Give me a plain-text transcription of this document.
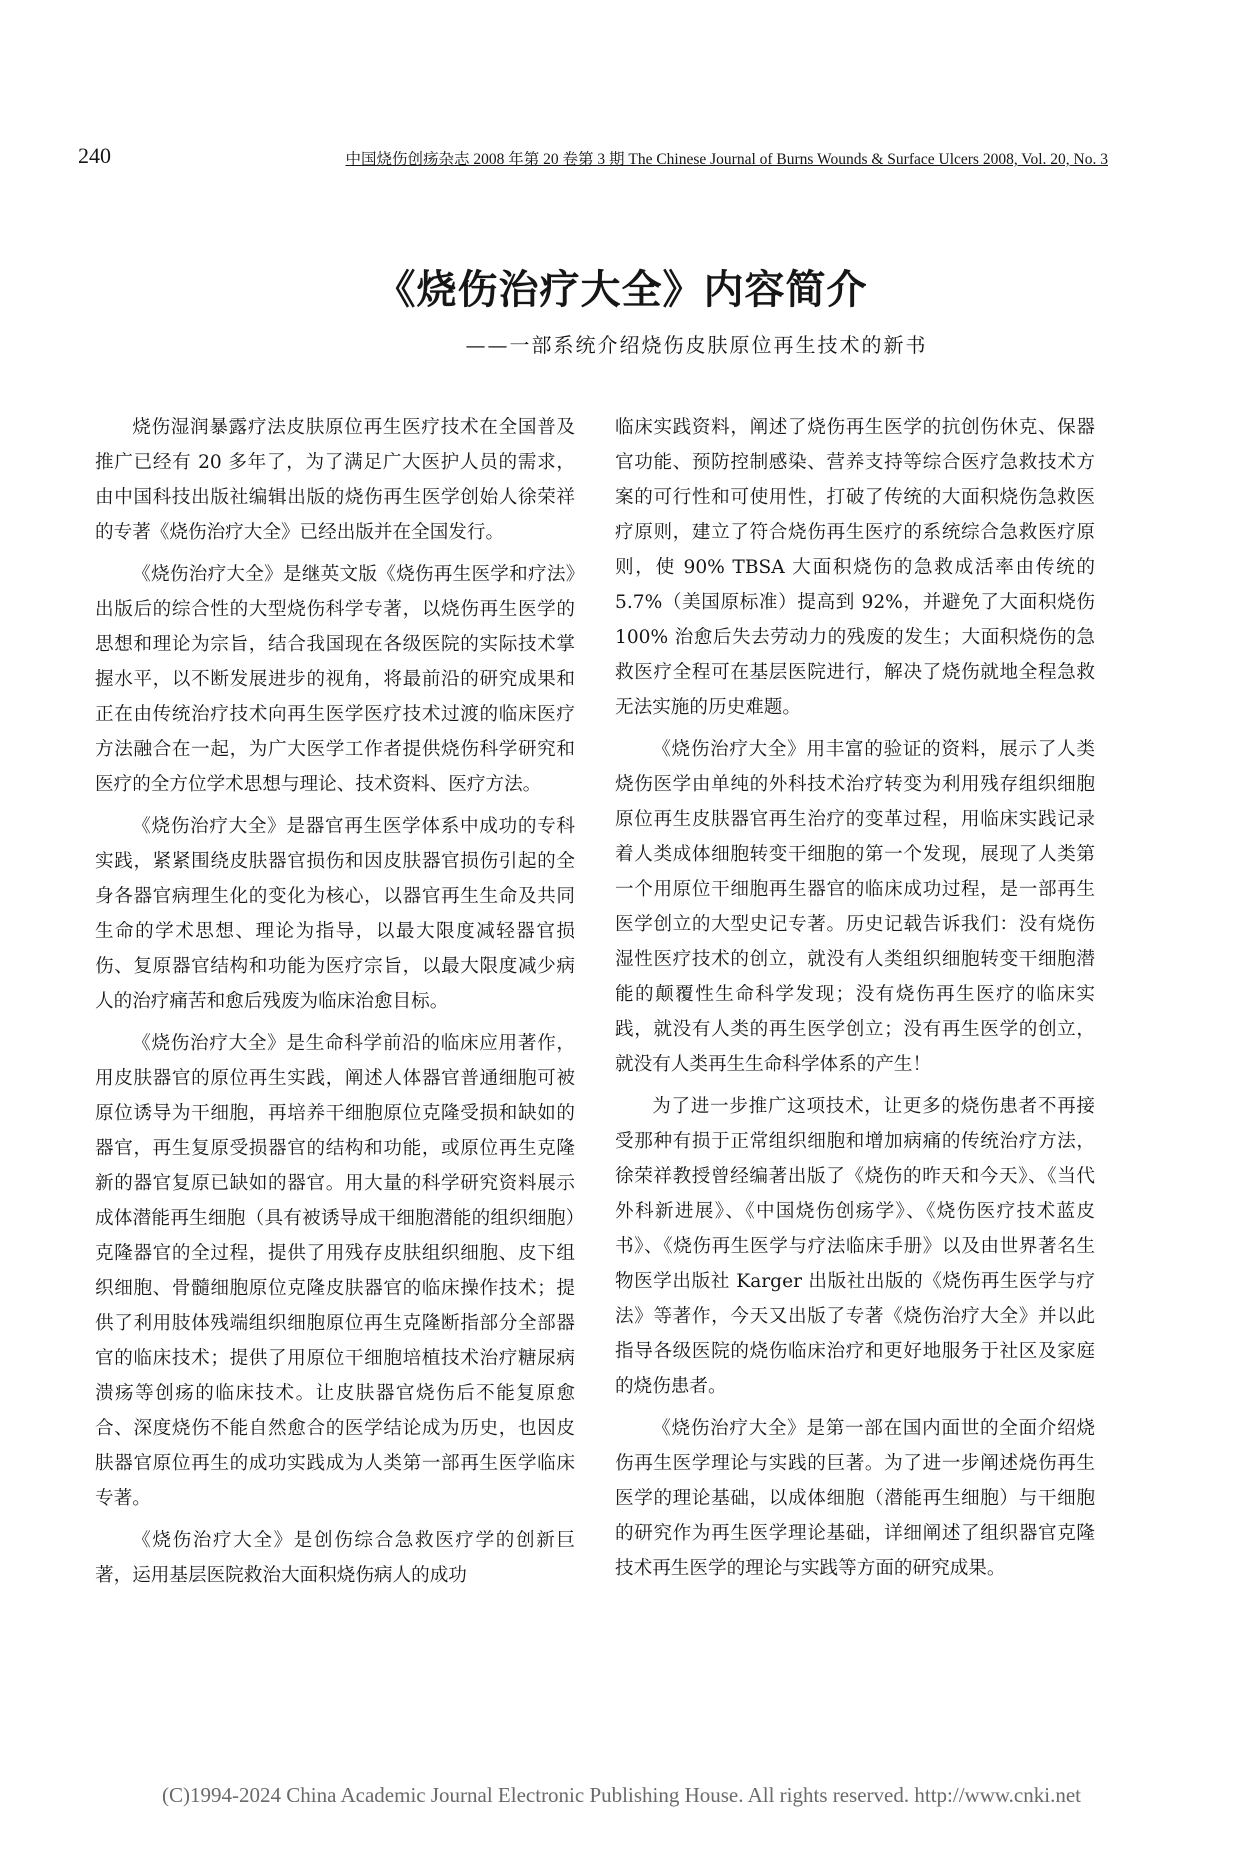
240	中国烧伤创疡杂志 2008 年第 20 卷第 3 期 The Chinese Journal of Burns Wounds & Surface Ulcers 2008, Vol. 20, No. 3
《烧伤治疗大全》内容简介
——一部系统介绍烧伤皮肤原位再生技术的新书

烧伤湿润暴露疗法皮肤原位再生医疗技术在全国普及推广已经有 20 多年了，为了满足广大医护人员的需求，由中国科技出版社编辑出版的烧伤再生医学创始人徐荣祥的专著《烧伤治疗大全》已经出版并在全国发行。

《烧伤治疗大全》是继英文版《烧伤再生医学和疗法》出版后的综合性的大型烧伤科学专著，以烧伤再生医学的思想和理论为宗旨，结合我国现在各级医院的实际技术掌握水平，以不断发展进步的视角，将最前沿的研究成果和正在由传统治疗技术向再生医学医疗技术过渡的临床医疗方法融合在一起，为广大医学工作者提供烧伤科学研究和医疗的全方位学术思想与理论、技术资料、医疗方法。

《烧伤治疗大全》是器官再生医学体系中成功的专科实践，紧紧围绕皮肤器官损伤和因皮肤器官损伤引起的全身各器官病理生化的变化为核心，以器官再生生命及共同生命的学术思想、理论为指导，以最大限度减轻器官损伤、复原器官结构和功能为医疗宗旨，以最大限度减少病人的治疗痛苦和愈后残废为临床治愈目标。

《烧伤治疗大全》是生命科学前沿的临床应用著作，用皮肤器官的原位再生实践，阐述人体器官普通细胞可被原位诱导为干细胞，再培养干细胞原位克隆受损和缺如的器官，再生复原受损器官的结构和功能，或原位再生克隆新的器官复原已缺如的器官。用大量的科学研究资料展示成体潜能再生细胞（具有被诱导成干细胞潜能的组织细胞）克隆器官的全过程，提供了用残存皮肤组织细胞、皮下组织细胞、骨髓细胞原位克隆皮肤器官的临床操作技术；提供了利用肢体残端组织细胞原位再生克隆断指部分全部器官的临床技术；提供了用原位干细胞培植技术治疗糖尿病溃疡等创疡的临床技术。让皮肤器官烧伤后不能复原愈合、深度烧伤不能自然愈合的医学结论成为历史，也因皮肤器官原位再生的成功实践成为人类第一部再生医学临床专著。

《烧伤治疗大全》是创伤综合急救医疗学的创新巨著，运用基层医院救治大面积烧伤病人的成功

临床实践资料，阐述了烧伤再生医学的抗创伤休克、保器官功能、预防控制感染、营养支持等综合医疗急救技术方案的可行性和可使用性，打破了传统的大面积烧伤急救医疗原则，建立了符合烧伤再生医疗的系统综合急救医疗原则，使 90% TBSA 大面积烧伤的急救成活率由传统的 5.7%（美国原标准）提高到 92%，并避免了大面积烧伤 100% 治愈后失去劳动力的残废的发生；大面积烧伤的急救医疗全程可在基层医院进行，解决了烧伤就地全程急救无法实施的历史难题。

《烧伤治疗大全》用丰富的验证的资料，展示了人类烧伤医学由单纯的外科技术治疗转变为利用残存组织细胞原位再生皮肤器官再生治疗的变革过程，用临床实践记录着人类成体细胞转变干细胞的第一个发现，展现了人类第一个用原位干细胞再生器官的临床成功过程，是一部再生医学创立的大型史记专著。历史记载告诉我们：没有烧伤湿性医疗技术的创立，就没有人类组织细胞转变干细胞潜能的颠覆性生命科学发现；没有烧伤再生医疗的临床实践，就没有人类的再生医学创立；没有再生医学的创立，就没有人类再生生命科学体系的产生！

为了进一步推广这项技术，让更多的烧伤患者不再接受那种有损于正常组织细胞和增加病痛的传统治疗方法，徐荣祥教授曾经编著出版了《烧伤的昨天和今天》、《当代外科新进展》、《中国烧伤创疡学》、《烧伤医疗技术蓝皮书》、《烧伤再生医学与疗法临床手册》以及由世界著名生物医学出版社 Karger 出版社出版的《烧伤再生医学与疗法》等著作，今天又出版了专著《烧伤治疗大全》并以此指导各级医院的烧伤临床治疗和更好地服务于社区及家庭的烧伤患者。

《烧伤治疗大全》是第一部在国内面世的全面介绍烧伤再生医学理论与实践的巨著。为了进一步阐述烧伤再生医学的理论基础，以成体细胞（潜能再生细胞）与干细胞的研究作为再生医学理论基础，详细阐述了组织器官克隆技术再生医学的理论与实践等方面的研究成果。

(C)1994-2024 China Academic Journal Electronic Publishing House. All rights reserved. http://www.cnki.net
